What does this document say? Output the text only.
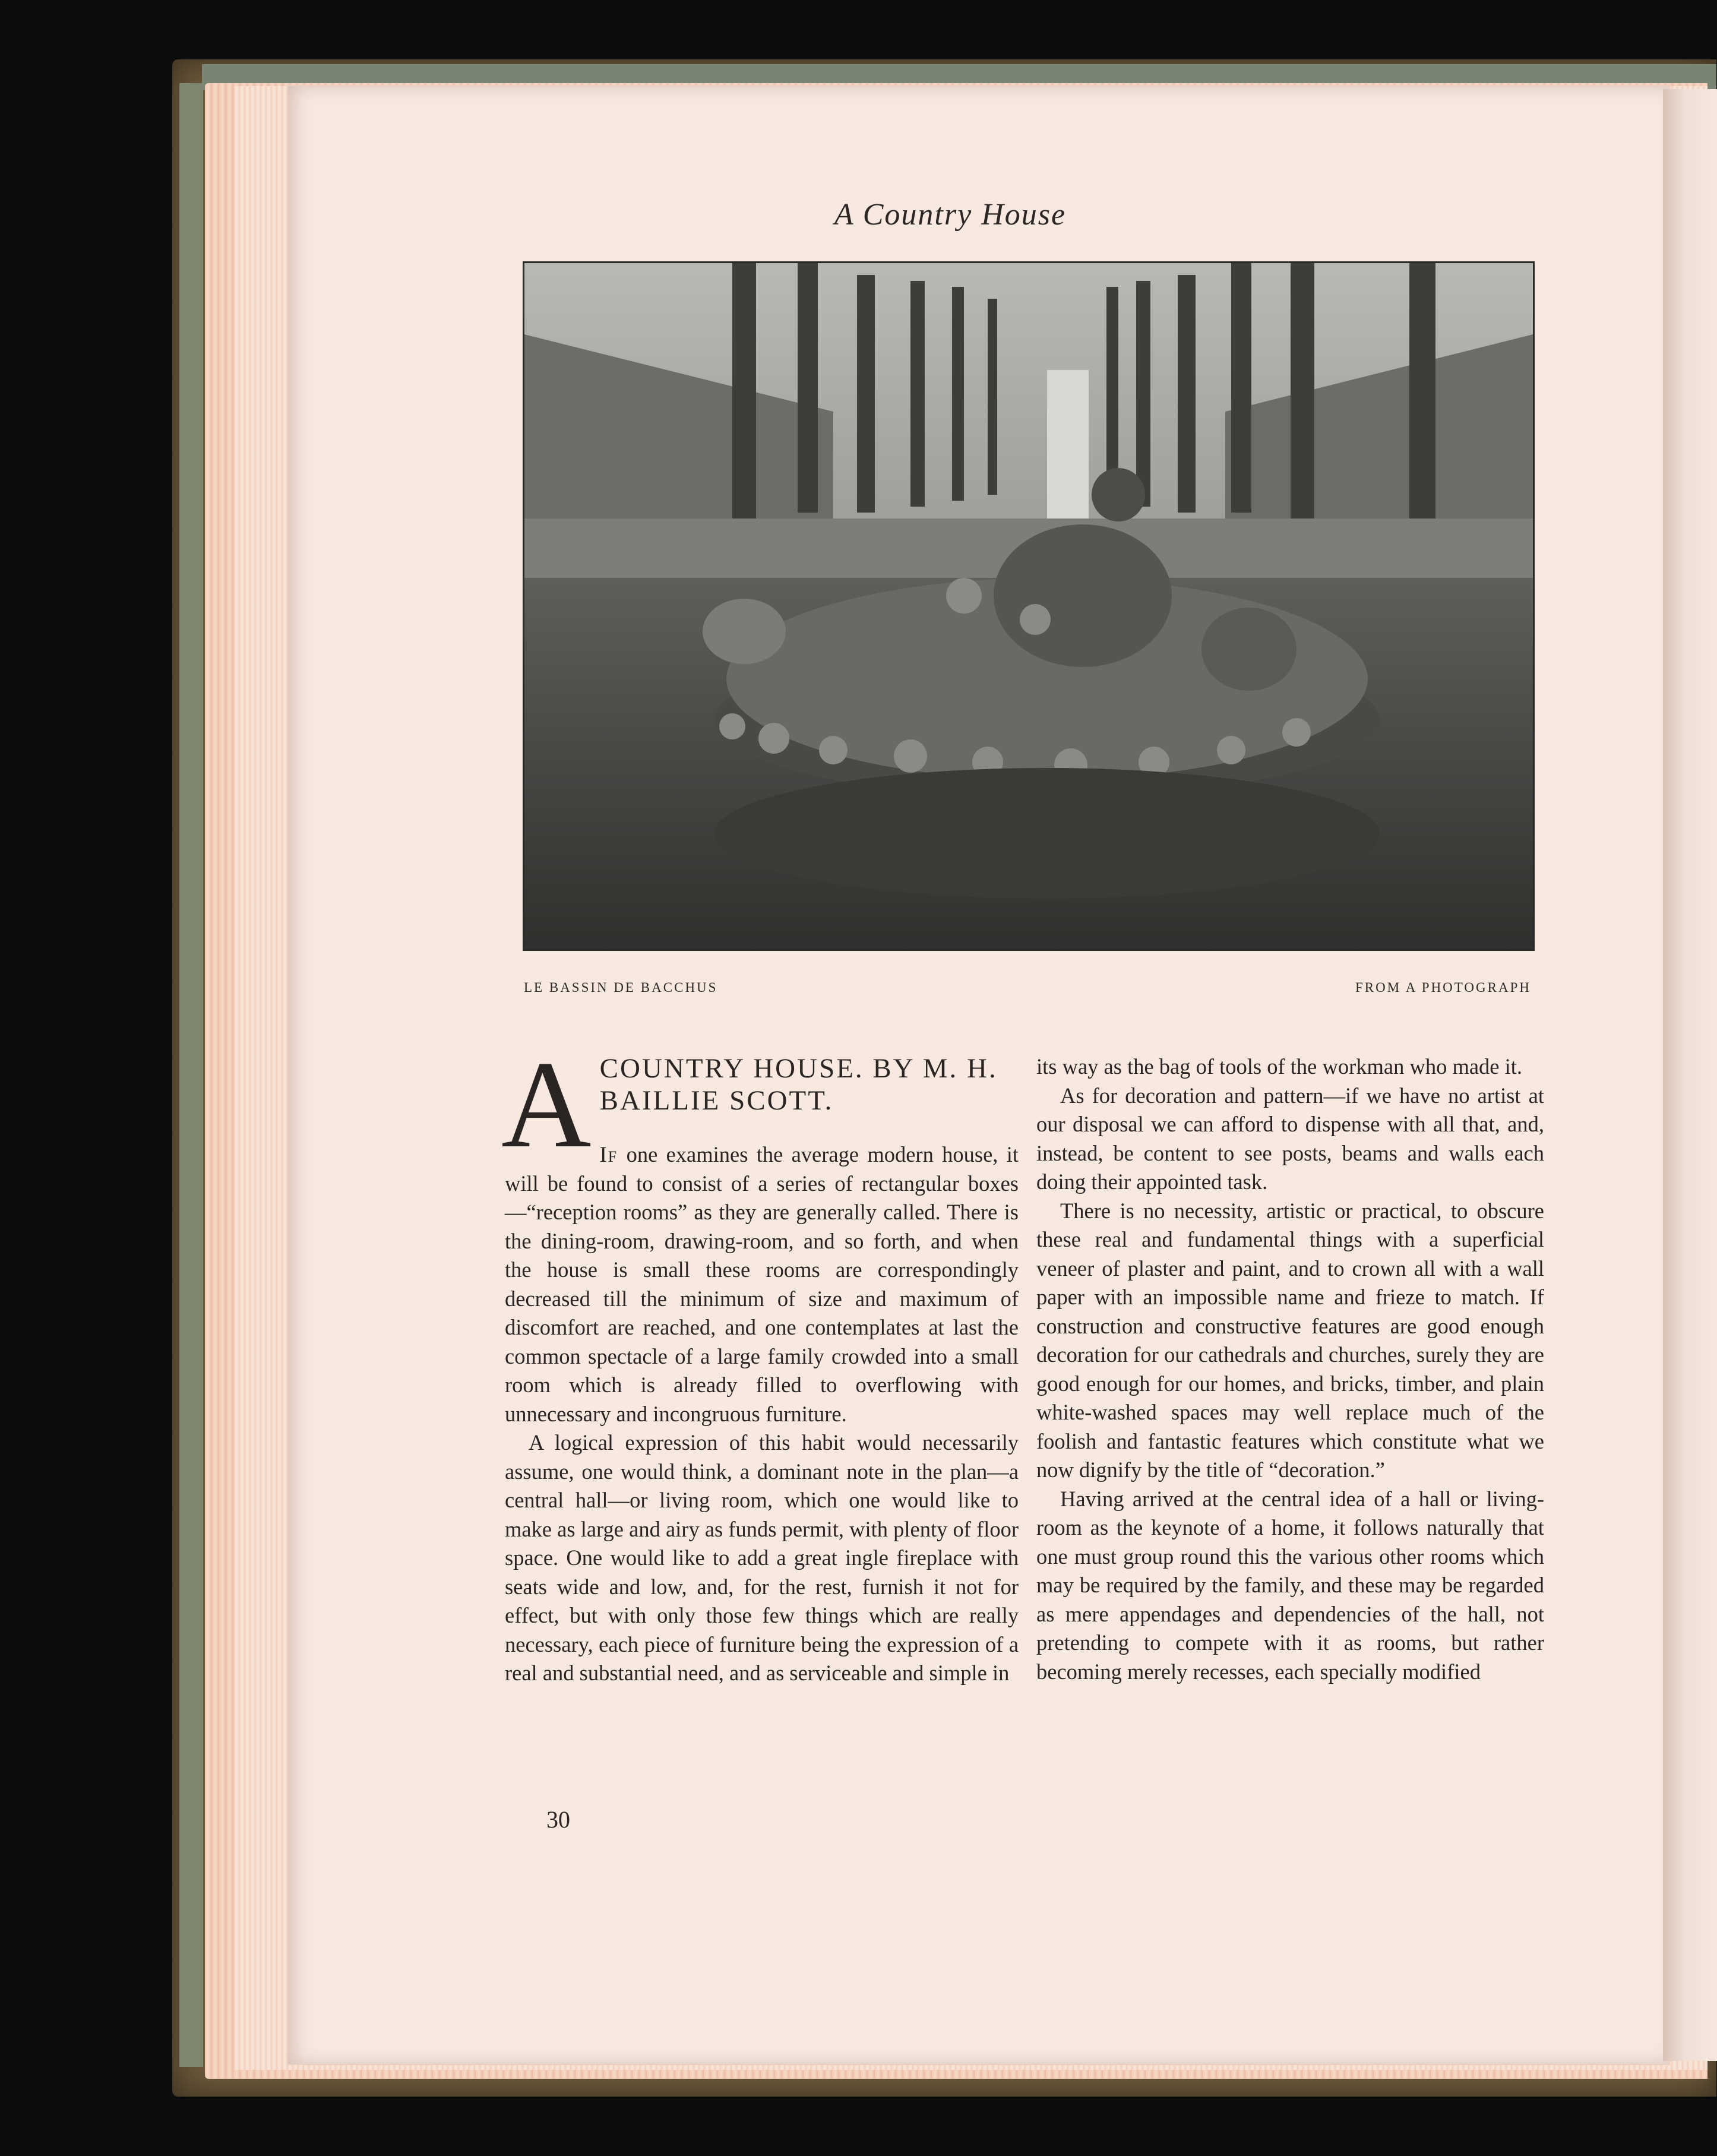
A Country House
LE BASSIN DE BACCHUS	FROM A PHOTOGRAPH
A COUNTRY HOUSE. BY M. H. BAILLIE SCOTT.

If one examines the average modern house, it will be found to consist of a series of rectangular boxes—“reception rooms” as they are generally called. There is the dining-room, drawing-room, and so forth, and when the house is small these rooms are correspondingly decreased till the minimum of size and maximum of discomfort are reached, and one contemplates at last the common spectacle of a large family crowded into a small room which is already filled to overflowing with unnecessary and incongruous furniture.

A logical expression of this habit would necessarily assume, one would think, a dominant note in the plan—a central hall—or living room, which one would like to make as large and airy as funds permit, with plenty of floor space. One would like to add a great ingle fireplace with seats wide and low, and, for the rest, furnish it not for effect, but with only those few things which are really necessary, each piece of furniture being the expression of a real and substantial need, and as serviceable and simple in

its way as the bag of tools of the workman who made it.

As for decoration and pattern—if we have no artist at our disposal we can afford to dispense with all that, and, instead, be content to see posts, beams and walls each doing their appointed task.

There is no necessity, artistic or practical, to obscure these real and fundamental things with a superficial veneer of plaster and paint, and to crown all with a wall paper with an impossible name and frieze to match. If construction and constructive features are good enough decoration for our cathedrals and churches, surely they are good enough for our homes, and bricks, timber, and plain white-washed spaces may well replace much of the foolish and fantastic features which constitute what we now dignify by the title of “decoration.”

Having arrived at the central idea of a hall or living-room as the keynote of a home, it follows naturally that one must group round this the various other rooms which may be required by the family, and these may be regarded as mere appendages and dependencies of the hall, not pretending to compete with it as rooms, but rather becoming merely recesses, each specially modified

30
